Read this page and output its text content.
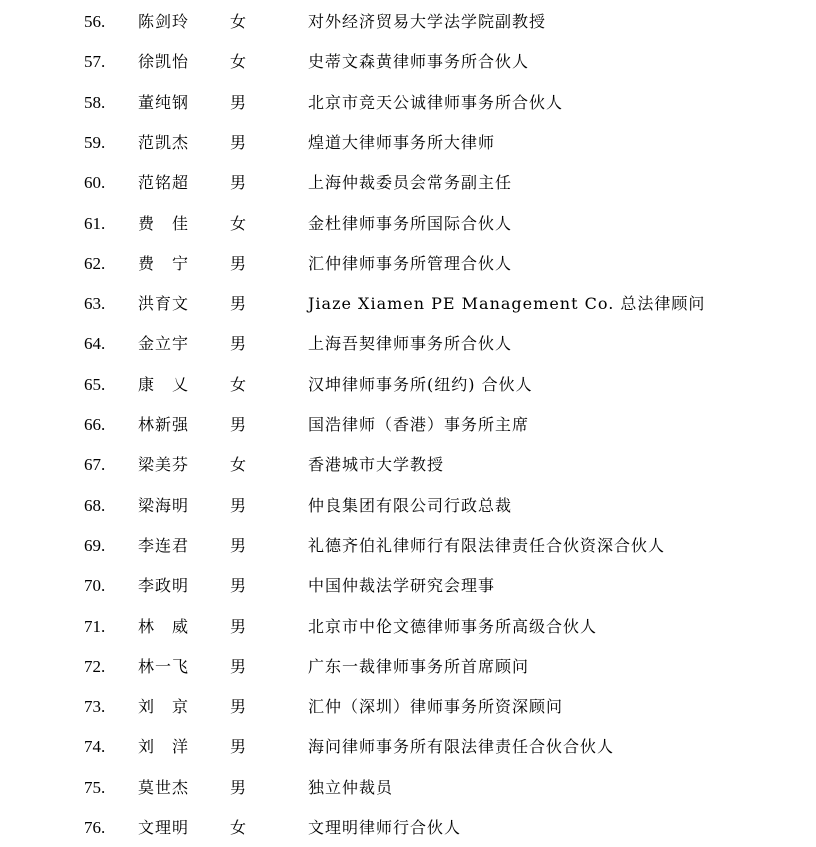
56. 陈剑玲	女	对外经济贸易大学法学院副教授
57. 徐凯怡	女	史蒂文森黄律师事务所合伙人
58. 董纯钢	男	北京市竞天公诚律师事务所合伙人
59. 范凯杰	男	煌道大律师事务所大律师
60. 范铭超	男	上海仲裁委员会常务副主任
61. 费　佳	女	金杜律师事务所国际合伙人
62. 费　宁	男	汇仲律师事务所管理合伙人
63. 洪育文	男	Jiaze Xiamen PE Management Co. 总法律顾问
64. 金立宇	男	上海吾契律师事务所合伙人
65. 康　乂	女	汉坤律师事务所(纽约) 合伙人
66. 林新强	男	国浩律师（香港）事务所主席
67. 梁美芬	女	香港城市大学教授
68. 梁海明	男	仲良集团有限公司行政总裁
69. 李连君	男	礼德齐伯礼律师行有限法律责任合伙资深合伙人
70. 李政明	男	中国仲裁法学研究会理事
71. 林　威	男	北京市中伦文德律师事务所高级合伙人
72. 林一飞	男	广东一裁律师事务所首席顾问
73. 刘　京	男	汇仲（深圳）律师事务所资深顾问
74. 刘　洋	男	海问律师事务所有限法律责任合伙合伙人
75. 莫世杰	男	独立仲裁员
76. 文理明	女	文理明律师行合伙人
